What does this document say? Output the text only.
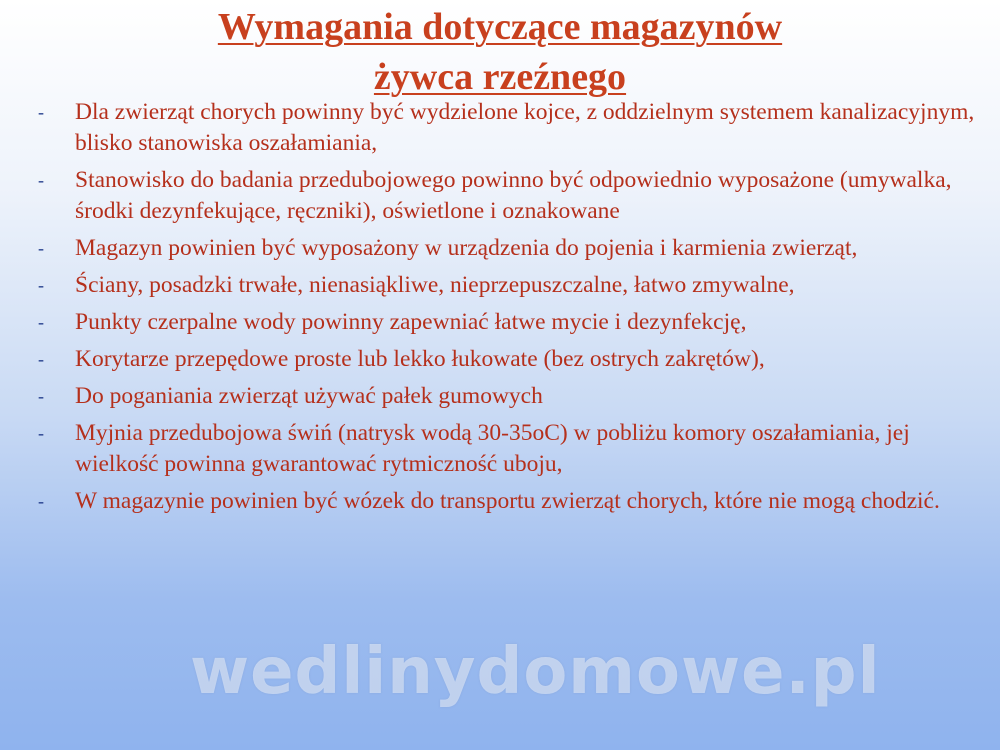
Wymagania dotyczące magazynów
żywca rzeźnego
- Dla zwierząt chorych powinny być wydzielone kojce, z oddzielnym systemem kanalizacyjnym, blisko stanowiska oszałamiania,
- Stanowisko do badania przedubojowego powinno być odpowiednio wyposażone (umywalka, środki dezynfekujące, ręczniki), oświetlone i oznakowane
- Magazyn powinien być wyposażony w urządzenia do pojenia i karmienia zwierząt,
- Ściany, posadzki trwałe, nienasiąkliwe, nieprzepuszczalne, łatwo zmywalne,
- Punkty czerpalne wody powinny zapewniać łatwe mycie i dezynfekcję,
- Korytarze przepędowe proste lub lekko łukowate (bez ostrych zakrętów),
- Do poganiania zwierząt używać pałek gumowych
- Myjnia przedubojowa świń (natrysk wodą 30-35oC) w pobliżu komory oszałamiania, jej wielkość powinna gwarantować rytmiczność uboju,
- W magazynie powinien być wózek do transportu zwierząt chorych, które nie mogą chodzić.
wedlinydomowe.pl
